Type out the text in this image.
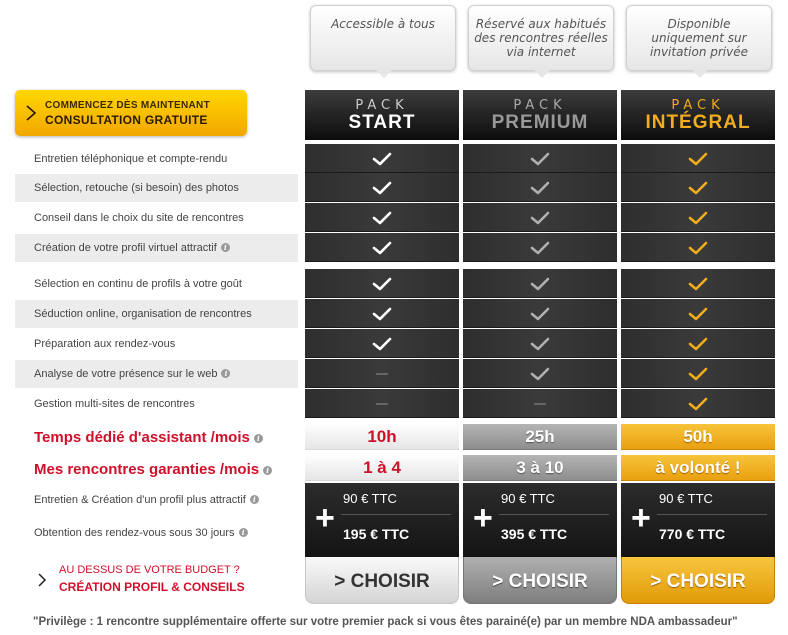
Accessible à tous	Réservé aux habitués
des rencontres réelles
via internet
Disponible
uniquement sur
invitation privée
COMMENCEZ DÈS MAINTENANT
CONSULTATION GRATUITE
Entretien téléphonique et compte-rendu
Sélection, retouche (si besoin) des photos
Conseil dans le choix du site de rencontres
Création de votre profil virtuel attractif i
Sélection en continu de profils à votre goût
Séduction online, organisation de rencontres
Préparation aux rendez-vous
Analyse de votre présence sur le web i
Gestion multi-sites de rencontres
PACK
START
10h
1 à 4
+
90 € TTC
195 € TTC
> CHOISIR
PACK
PREMIUM
25h
3 à 10
+
90 € TTC
395 € TTC
> CHOISIR
PACK
INTÉGRAL
50h
à volonté !
+
90 € TTC
770 € TTC
> CHOISIR
Temps dédié d'assistant /mois i
Mes rencontres garanties /mois i
Entretien & Création d'un profil plus attractif i
Obtention des rendez-vous sous 30 jours i
AU DESSUS DE VOTRE BUDGET ?
CRÉATION PROFIL & CONSEILS
"Privilège : 1 rencontre supplémentaire offerte sur votre premier pack si vous êtes parainé(e) par un membre NDA ambassadeur"
